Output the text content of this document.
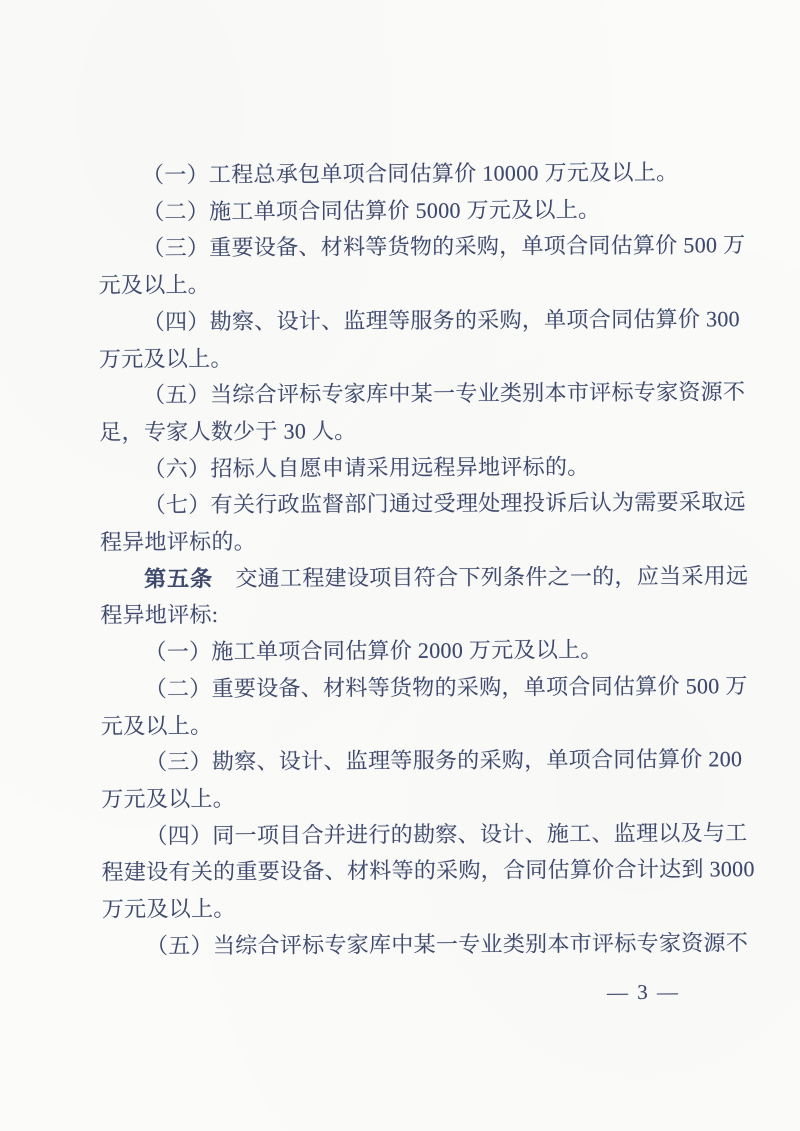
（一）工程总承包单项合同估算价 10000 万元及以上。
（二）施工单项合同估算价 5000 万元及以上。
（三）重要设备、材料等货物的采购，单项合同估算价 500 万
元及以上。
（四）勘察、设计、监理等服务的采购，单项合同估算价 300
万元及以上。
（五）当综合评标专家库中某一专业类别本市评标专家资源不
足，专家人数少于 30 人。
（六）招标人自愿申请采用远程异地评标的。
（七）有关行政监督部门通过受理处理投诉后认为需要采取远
程异地评标的。
第五条　交通工程建设项目符合下列条件之一的，应当采用远
程异地评标:
（一）施工单项合同估算价 2000 万元及以上。
（二）重要设备、材料等货物的采购，单项合同估算价 500 万
元及以上。
（三）勘察、设计、监理等服务的采购，单项合同估算价 200
万元及以上。
（四）同一项目合并进行的勘察、设计、施工、监理以及与工
程建设有关的重要设备、材料等的采购，合同估算价合计达到 3000
万元及以上。
（五）当综合评标专家库中某一专业类别本市评标专家资源不
— 3 —
